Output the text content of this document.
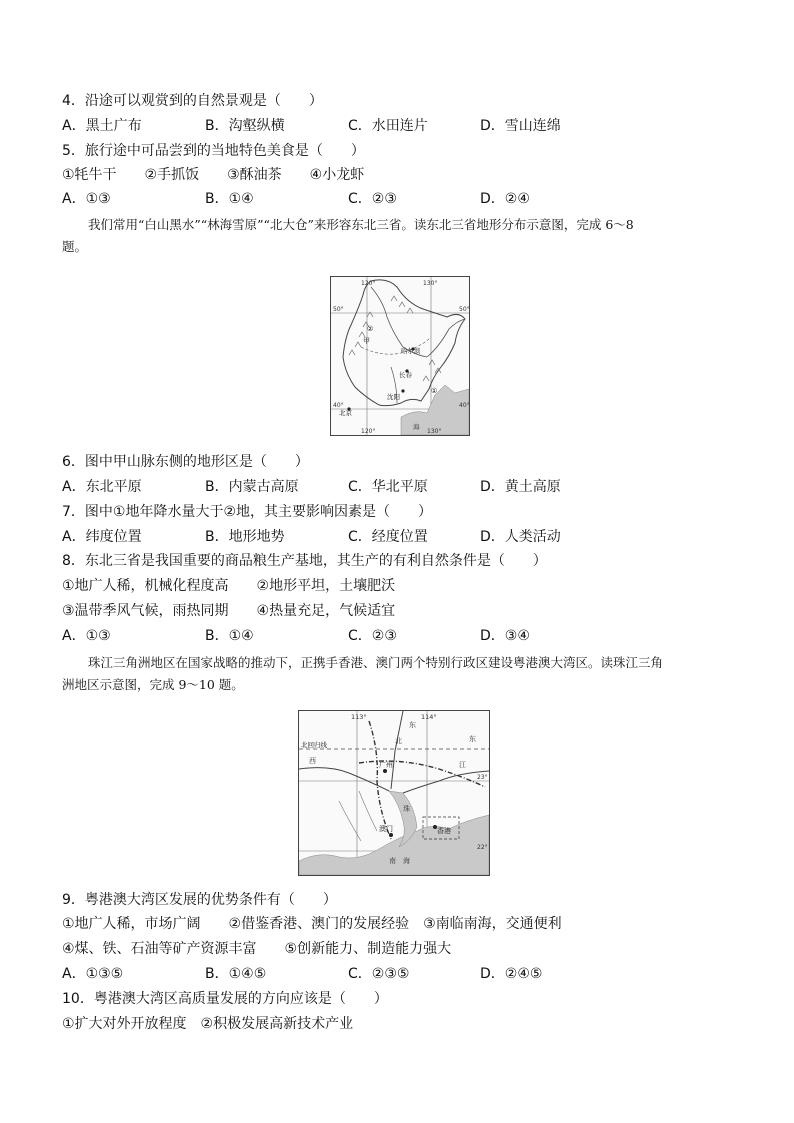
4．沿途可以观赏到的自然景观是（　　）
A．黑土广布	B．沟壑纵横	C．水田连片	D．雪山连绵
5．旅行途中可品尝到的当地特色美食是（　　）
①牦牛干　　②手抓饭　　③酥油茶　　④小龙虾
A．①③	B．①④	C．②③	D．②④
我们常用“白山黑水”“林海雪原”“北大仓”来形容东北三省。读东北三省地形分布示意图，完成 6～8
题。
120°	130°
50°	50°
40°	40°
120°	130°
②
甲
①
哈尔滨
长春
沈阳
北京
海
6．图中甲山脉东侧的地形区是（　　）
A．东北平原	B．内蒙古高原	C．华北平原	D．黄土高原
7．图中①地年降水量大于②地，其主要影响因素是（　　）
A．纬度位置	B．地形地势	C．经度位置	D．人类活动
8．东北三省是我国重要的商品粮生产基地，其生产的有利自然条件是（　　）
①地广人稀，机械化程度高　　②地形平坦，土壤肥沃
③温带季风气候，雨热同期　　④热量充足，气候适宜
A．①③	B．①④	C．②③	D．③④
珠江三角洲地区在国家战略的推动下，正携手香港、澳门两个特别行政区建设粤港澳大湾区。读珠江三角
洲地区示意图，完成 9～10 题。
113°	114°
23°
22°
北回归线
广州
澳门	香港
东
东
江
西
北
珠
南 海
9．粤港澳大湾区发展的优势条件有（　　）
①地广人稀，市场广阔　　②借鉴香港、澳门的发展经验　③南临南海，交通便利
④煤、铁、石油等矿产资源丰富　　⑤创新能力、制造能力强大
A．①③⑤	B．①④⑤	C．②③⑤	D．②④⑤
10．粤港澳大湾区高质量发展的方向应该是（　　）
①扩大对外开放程度　②积极发展高新技术产业
